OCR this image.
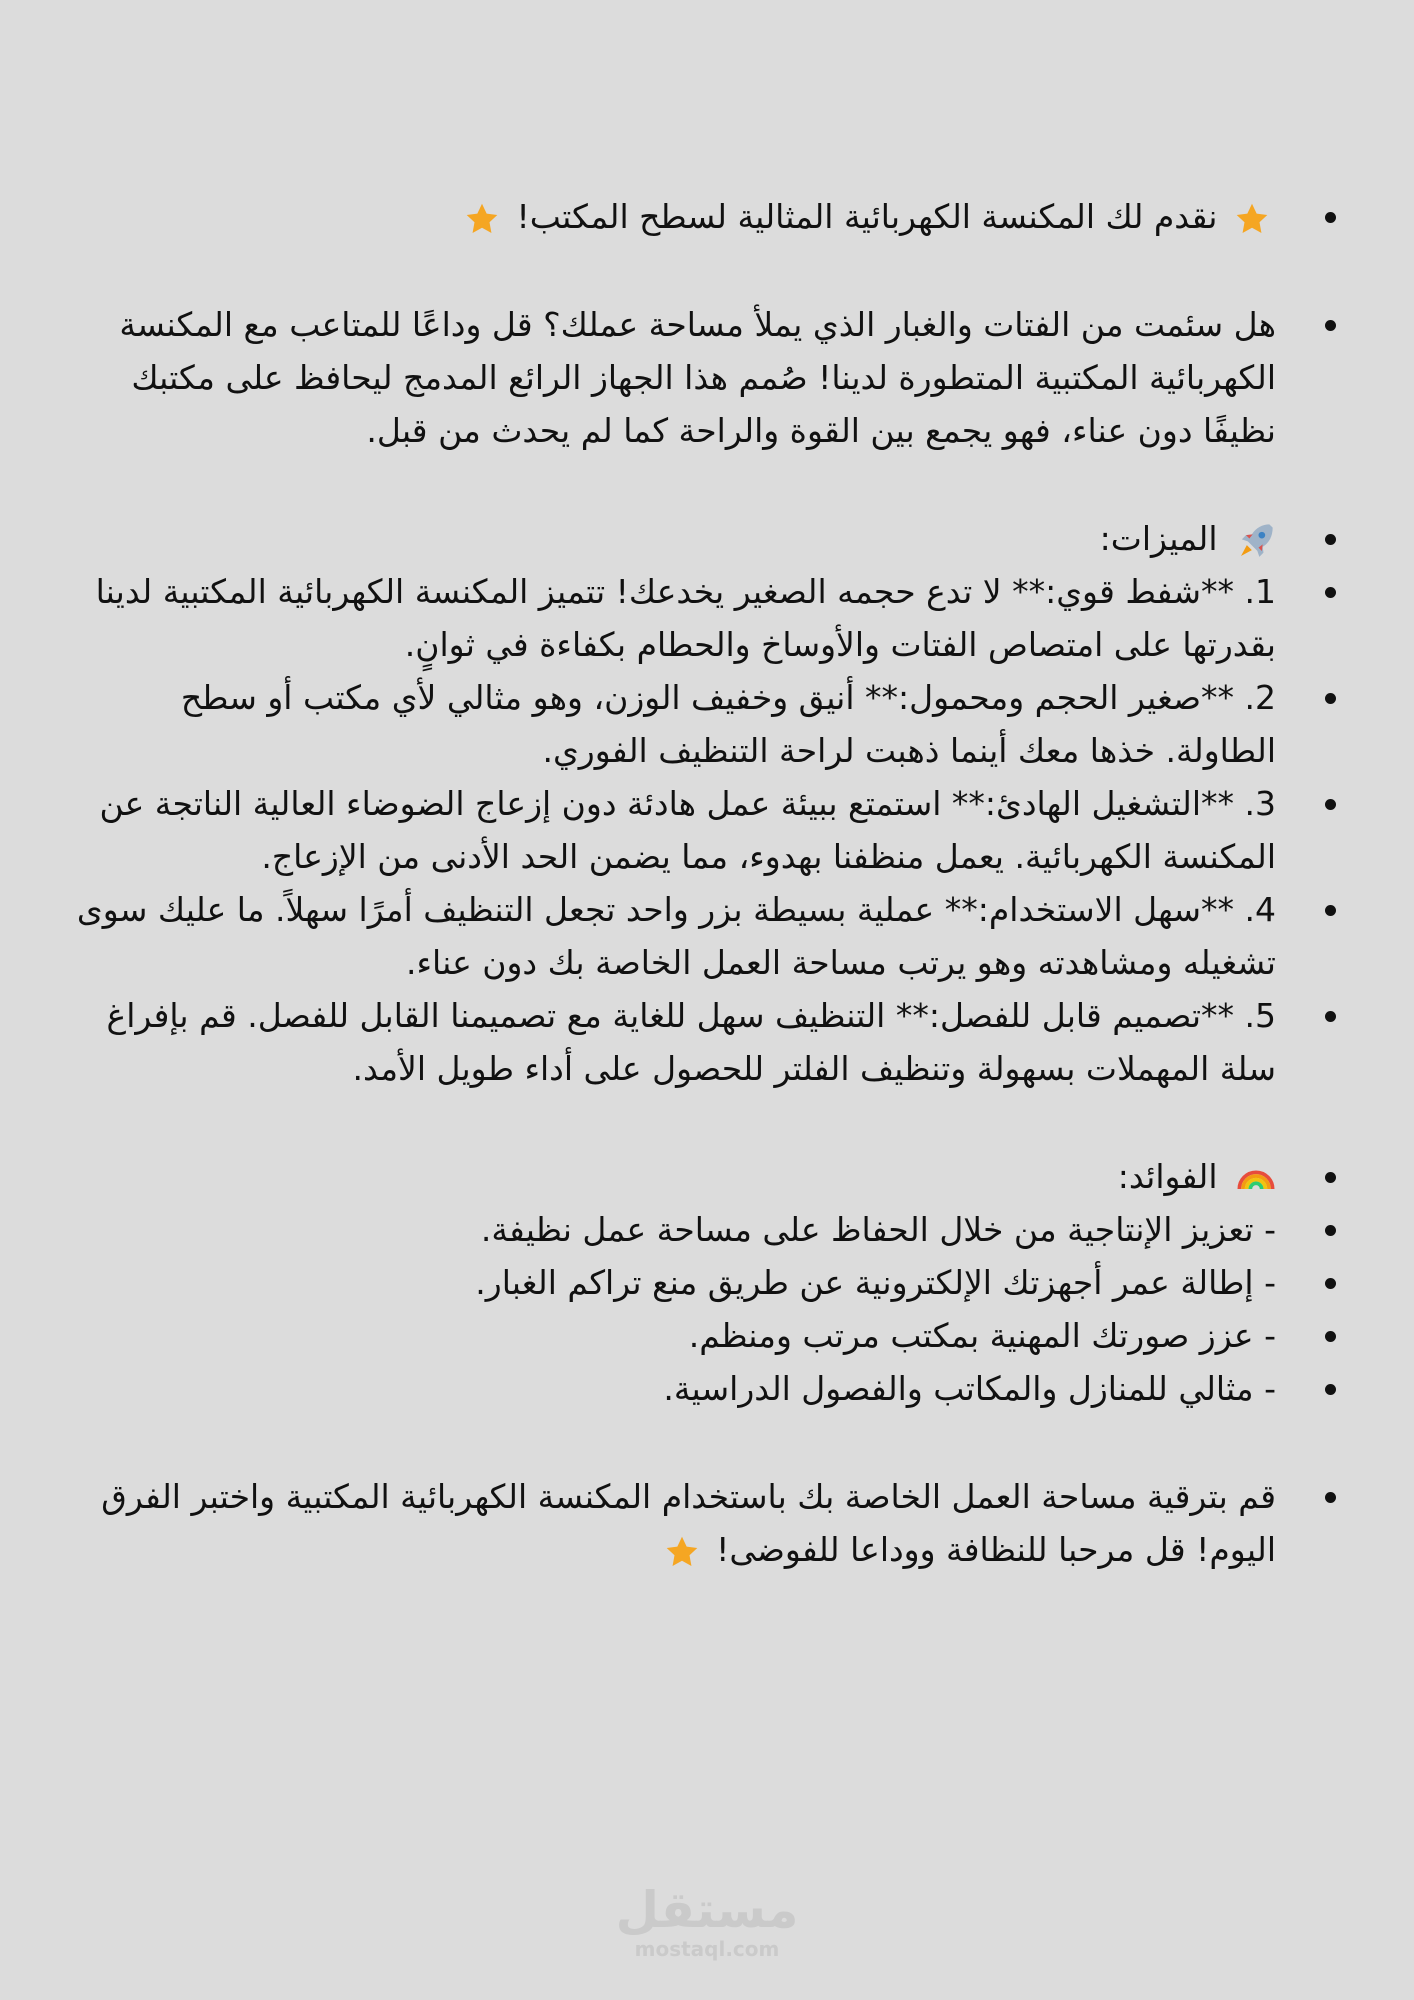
نقدم لك المكنسة الكهربائية المثالية لسطح المكتب!
هل سئمت من الفتات والغبار الذي يملأ مساحة عملك؟ قل وداعًا للمتاعب مع المكنسة الكهربائية المكتبية المتطورة لدينا! صُمم هذا الجهاز الرائع المدمج ليحافظ على مكتبك نظيفًا دون عناء، فهو يجمع بين القوة والراحة كما لم يحدث من قبل.
الميزات:
1. **شفط قوي:** لا تدع حجمه الصغير يخدعك! تتميز المكنسة الكهربائية المكتبية لدينا بقدرتها على امتصاص الفتات والأوساخ والحطام بكفاءة في ثوانٍ.
2. **صغير الحجم ومحمول:** أنيق وخفيف الوزن، وهو مثالي لأي مكتب أو سطح الطاولة. خذها معك أينما ذهبت لراحة التنظيف الفوري.
3. **التشغيل الهادئ:** استمتع ببيئة عمل هادئة دون إزعاج الضوضاء العالية الناتجة عن المكنسة الكهربائية. يعمل منظفنا بهدوء، مما يضمن الحد الأدنى من الإزعاج.
4. **سهل الاستخدام:** عملية بسيطة بزر واحد تجعل التنظيف أمرًا سهلاً. ما عليك سوى تشغيله ومشاهدته وهو يرتب مساحة العمل الخاصة بك دون عناء.
5. **تصميم قابل للفصل:** التنظيف سهل للغاية مع تصميمنا القابل للفصل. قم بإفراغ سلة المهملات بسهولة وتنظيف الفلتر للحصول على أداء طويل الأمد.
الفوائد:
- تعزيز الإنتاجية من خلال الحفاظ على مساحة عمل نظيفة.
- إطالة عمر أجهزتك الإلكترونية عن طريق منع تراكم الغبار.
- عزز صورتك المهنية بمكتب مرتب ومنظم.
- مثالي للمنازل والمكاتب والفصول الدراسية.
قم بترقية مساحة العمل الخاصة بك باستخدام المكنسة الكهربائية المكتبية واختبر الفرق اليوم! قل مرحبا للنظافة ووداعا للفوضى!
مستقل
mostaql.com
